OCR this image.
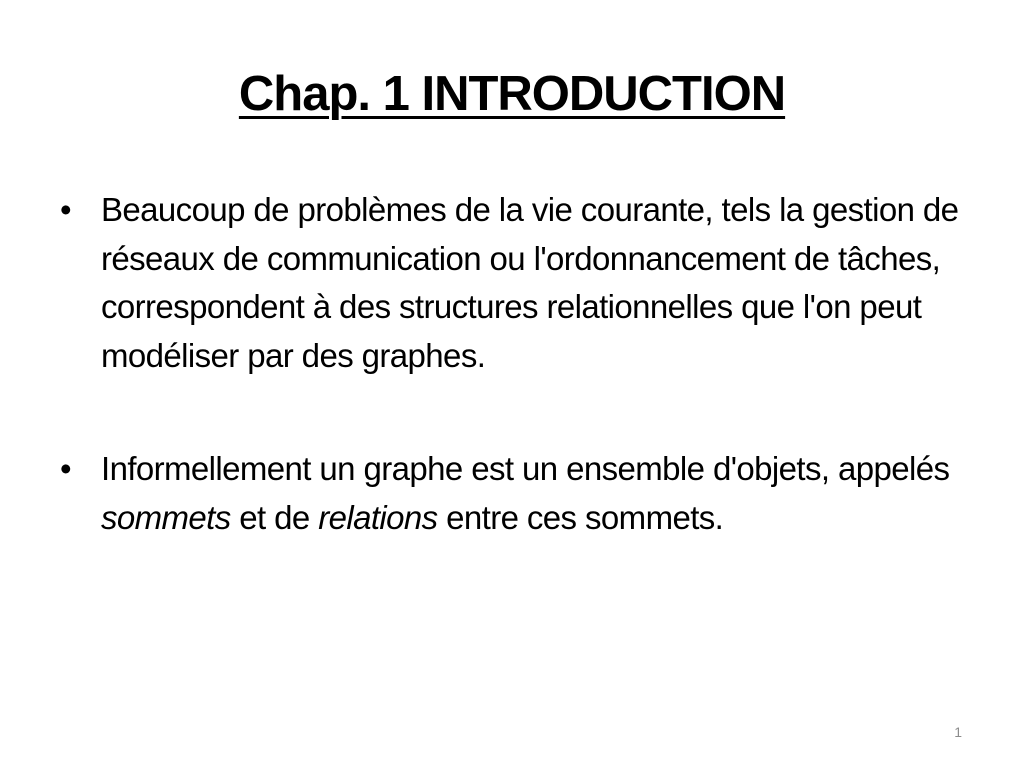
Chap. 1 INTRODUCTION
• Beaucoup de problèmes de la vie courante, tels la gestion de réseaux de communication ou l'ordonnancement de tâches, correspondent à des structures relationnelles que l'on peut modéliser par des graphes.
• Informellement un graphe est un ensemble d'objets, appelés sommets et de relations entre ces sommets.
1
